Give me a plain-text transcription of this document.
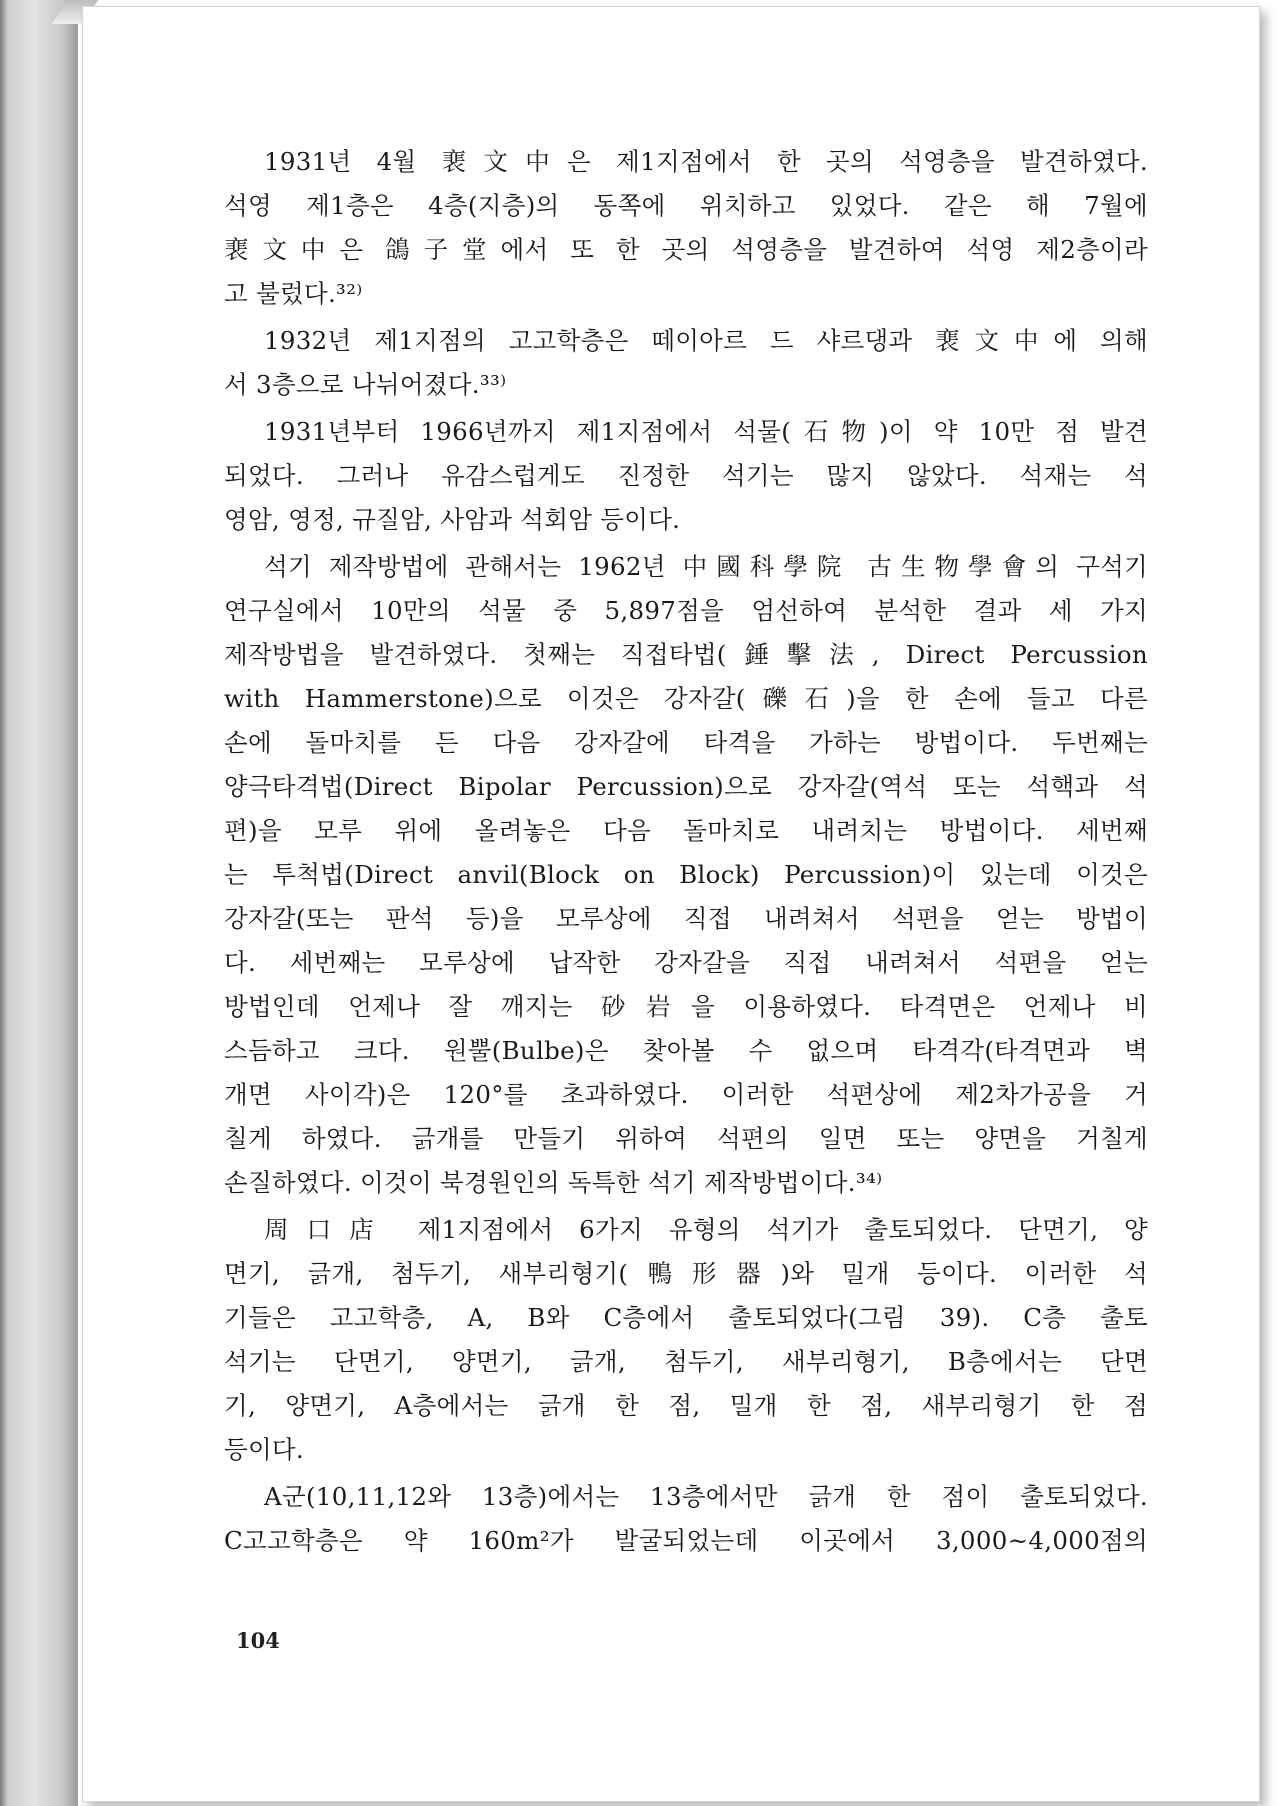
1931년 4월 裵文中은 제1지점에서 한 곳의 석영층을 발견하였다.
석영 제1층은 4층(지층)의 동쪽에 위치하고 있었다. 같은 해 7월에
裵文中은 鴿子堂에서 또 한 곳의 석영층을 발견하여 석영 제2층이라
고 불렀다.³²⁾
1932년 제1지점의 고고학층은 떼이아르 드 샤르댕과 裵文中에 의해
서 3층으로 나뉘어졌다.³³⁾
1931년부터 1966년까지 제1지점에서 석물(石物)이 약 10만 점 발견
되었다. 그러나 유감스럽게도 진정한 석기는 많지 않았다. 석재는 석
영암, 영정, 규질암, 사암과 석회암 등이다.
석기 제작방법에 관해서는 1962년 中國科學院 古生物學會의 구석기
연구실에서 10만의 석물 중 5,897점을 엄선하여 분석한 결과 세 가지
제작방법을 발견하였다. 첫째는 직접타법(錘擊法, Direct Percussion
with Hammerstone)으로 이것은 강자갈(礫石)을 한 손에 들고 다른
손에 돌마치를 든 다음 강자갈에 타격을 가하는 방법이다. 두번째는
양극타격법(Direct Bipolar Percussion)으로 강자갈(역석 또는 석핵과 석
편)을 모루 위에 올려놓은 다음 돌마치로 내려치는 방법이다. 세번째
는 투척법(Direct anvil(Block on Block) Percussion)이 있는데 이것은
강자갈(또는 판석 등)을 모루상에 직접 내려쳐서 석편을 얻는 방법이
다. 세번째는 모루상에 납작한 강자갈을 직접 내려쳐서 석편을 얻는
방법인데 언제나 잘 깨지는 砂岩을 이용하였다. 타격면은 언제나 비
스듬하고 크다. 원뿔(Bulbe)은 찾아볼 수 없으며 타격각(타격면과 벽
개면 사이각)은 120°를 초과하였다. 이러한 석편상에 제2차가공을 거
칠게 하였다. 긁개를 만들기 위하여 석편의 일면 또는 양면을 거칠게
손질하였다. 이것이 북경원인의 독특한 석기 제작방법이다.³⁴⁾
周口店 제1지점에서 6가지 유형의 석기가 출토되었다. 단면기, 양
면기, 긁개, 첨두기, 새부리형기(鴨形器)와 밀개 등이다. 이러한 석
기들은 고고학층, A, B와 C층에서 출토되었다(그림 39). C층 출토
석기는 단면기, 양면기, 긁개, 첨두기, 새부리형기, B층에서는 단면
기, 양면기, A층에서는 긁개 한 점, 밀개 한 점, 새부리형기 한 점
등이다.
A군(10,11,12와 13층)에서는 13층에서만 긁개 한 점이 출토되었다.
C고고학층은 약 160m²가 발굴되었는데 이곳에서 3,000~4,000점의
104
